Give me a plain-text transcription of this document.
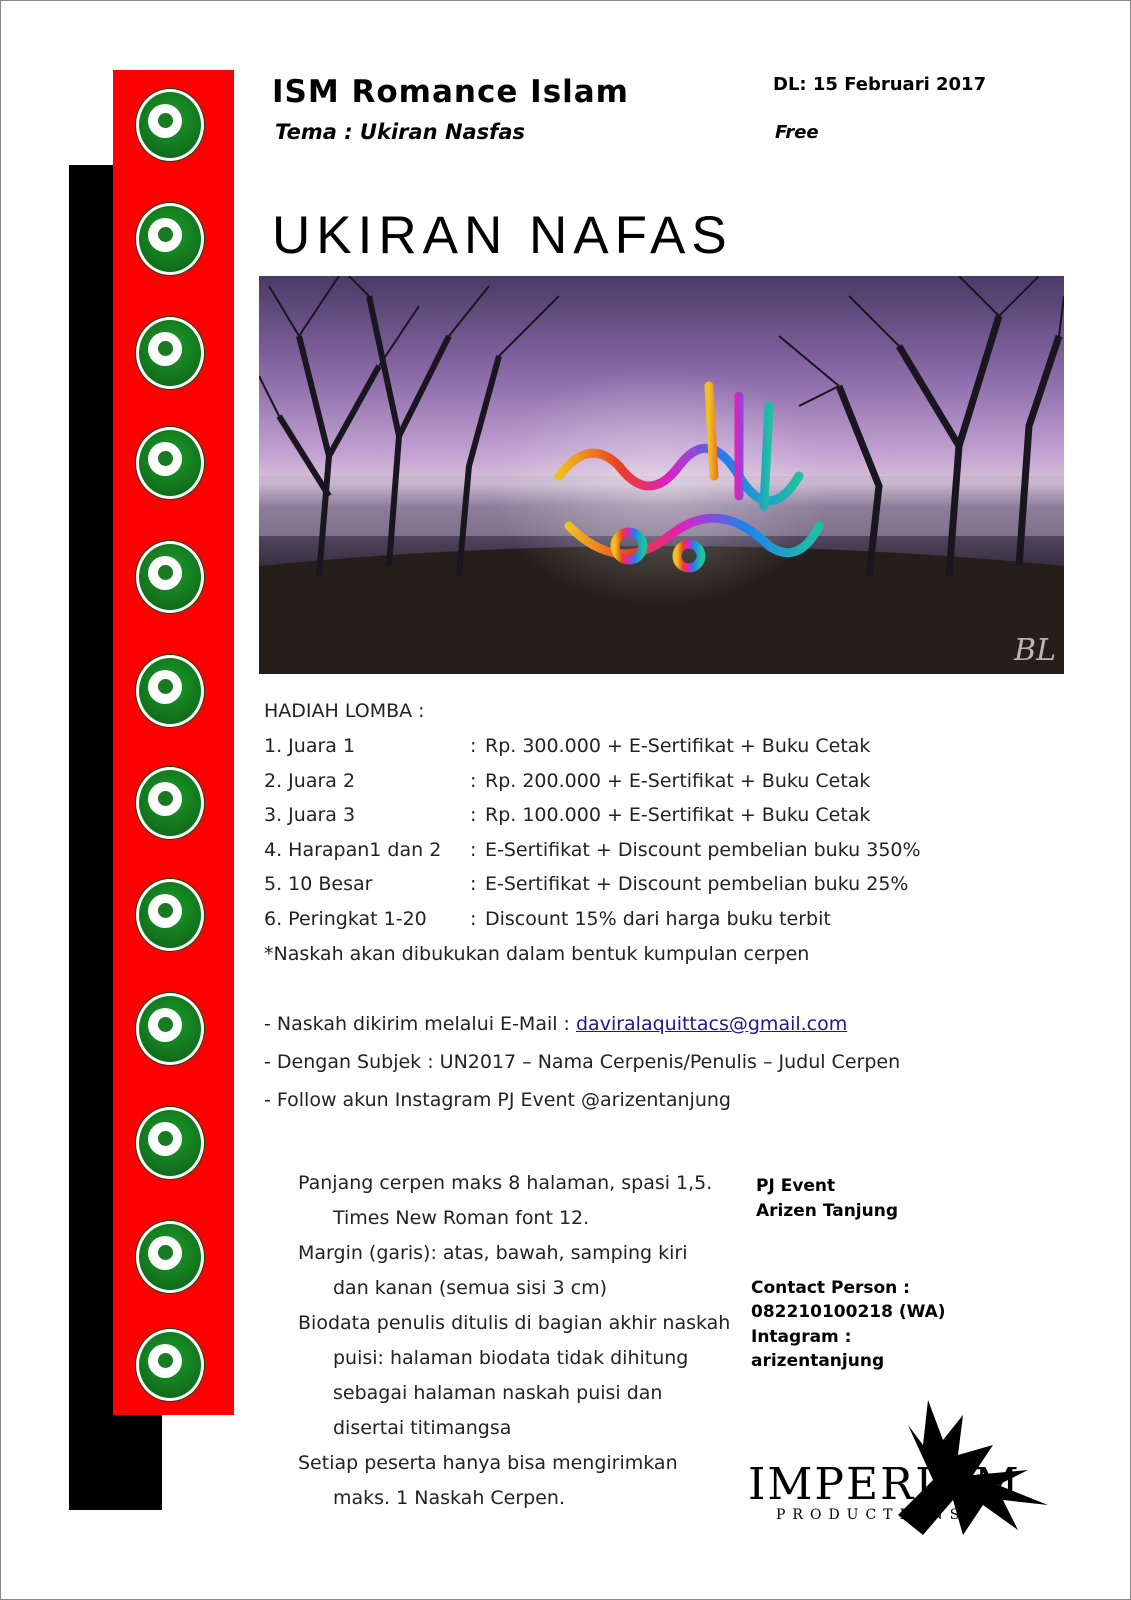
ISM Romance Islam
Tema : Ukiran Nasfas
DL: 15 Februari 2017
Free
UKIRAN NAFAS
BL
HADIAH LOMBA :
1. Juara 1	: Rp. 300.000 + E-Sertifikat + Buku Cetak
2. Juara 2	: Rp. 200.000 + E-Sertifikat + Buku Cetak
3. Juara 3	: Rp. 100.000 + E-Sertifikat + Buku Cetak
4. Harapan1 dan 2 : E-Sertifikat + Discount pembelian buku 350%
5. 10 Besar	: E-Sertifikat + Discount pembelian buku 25%
6. Peringkat 1-20 : Discount 15% dari harga buku terbit
*Naskah akan dibukukan dalam bentuk kumpulan cerpen
- Naskah dikirim melalui E-Mail : daviralaquittacs@gmail.com
- Dengan Subjek : UN2017 – Nama Cerpenis/Penulis – Judul Cerpen
- Follow akun Instagram PJ Event @arizentanjung
Panjang cerpen maks 8 halaman, spasi 1,5.
Times New Roman font 12.
Margin (garis): atas, bawah, samping kiri
dan kanan (semua sisi 3 cm)
Biodata penulis ditulis di bagian akhir naskah
puisi: halaman biodata tidak dihitung
sebagai halaman naskah puisi dan
disertai titimangsa
Setiap peserta hanya bisa mengirimkan
maks. 1 Naskah Cerpen.
PJ Event
Arizen Tanjung
Contact Person :
082210100218 (WA)
Intagram :
arizentanjung
IMPERIUM
PRODUCTIONS
